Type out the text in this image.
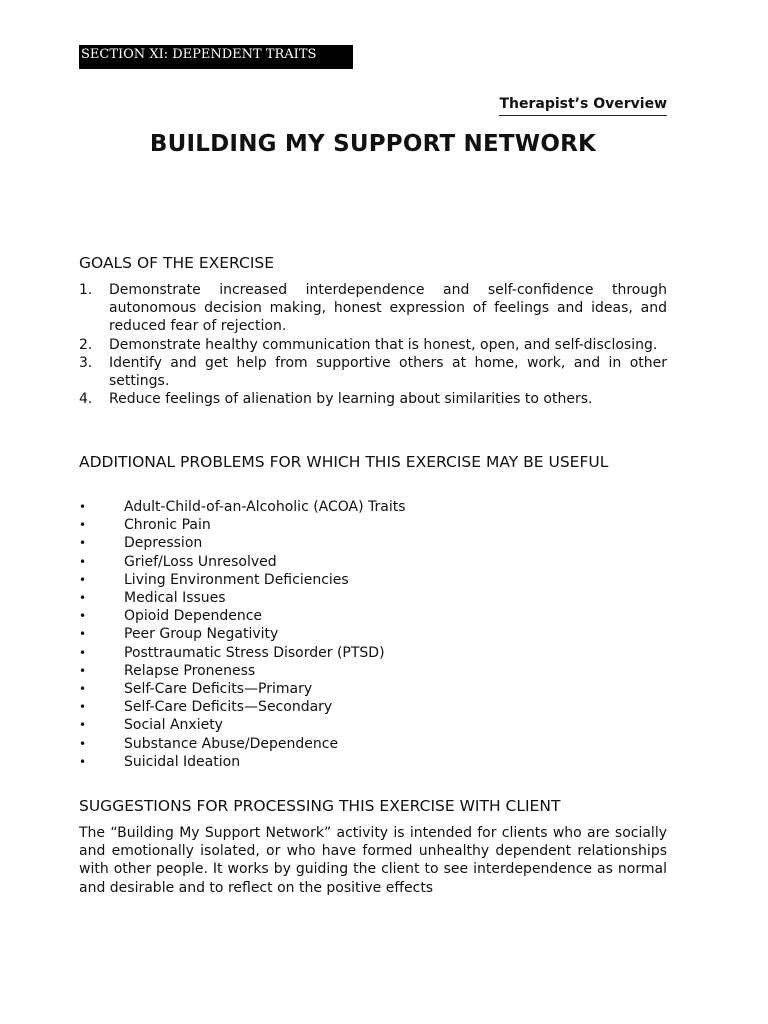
SECTION XI: DEPENDENT TRAITS
Therapist’s Overview
BUILDING MY SUPPORT NETWORK
GOALS OF THE EXERCISE
1. Demonstrate increased interdependence and self-confidence through autonomous decision making, honest expression of feelings and ideas, and reduced fear of rejection.
2. Demonstrate healthy communication that is honest, open, and self-disclosing.
3. Identify and get help from supportive others at home, work, and in other settings.
4. Reduce feelings of alienation by learning about similarities to others.
ADDITIONAL PROBLEMS FOR WHICH THIS EXERCISE MAY BE USEFUL
•	Adult-Child-of-an-Alcoholic (ACOA) Traits
•	Chronic Pain
•	Depression
•	Grief/Loss Unresolved
•	Living Environment Deficiencies
•	Medical Issues
•	Opioid Dependence
•	Peer Group Negativity
•	Posttraumatic Stress Disorder (PTSD)
•	Relapse Proneness
•	Self-Care Deficits—Primary
•	Self-Care Deficits—Secondary
•	Social Anxiety
•	Substance Abuse/Dependence
•	Suicidal Ideation
SUGGESTIONS FOR PROCESSING THIS EXERCISE WITH CLIENT

The “Building My Support Network” activity is intended for clients who are socially and emotionally isolated, or who have formed unhealthy dependent relationships with other people. It works by guiding the client to see interdependence as normal and desirable and to reflect on the positive effects
